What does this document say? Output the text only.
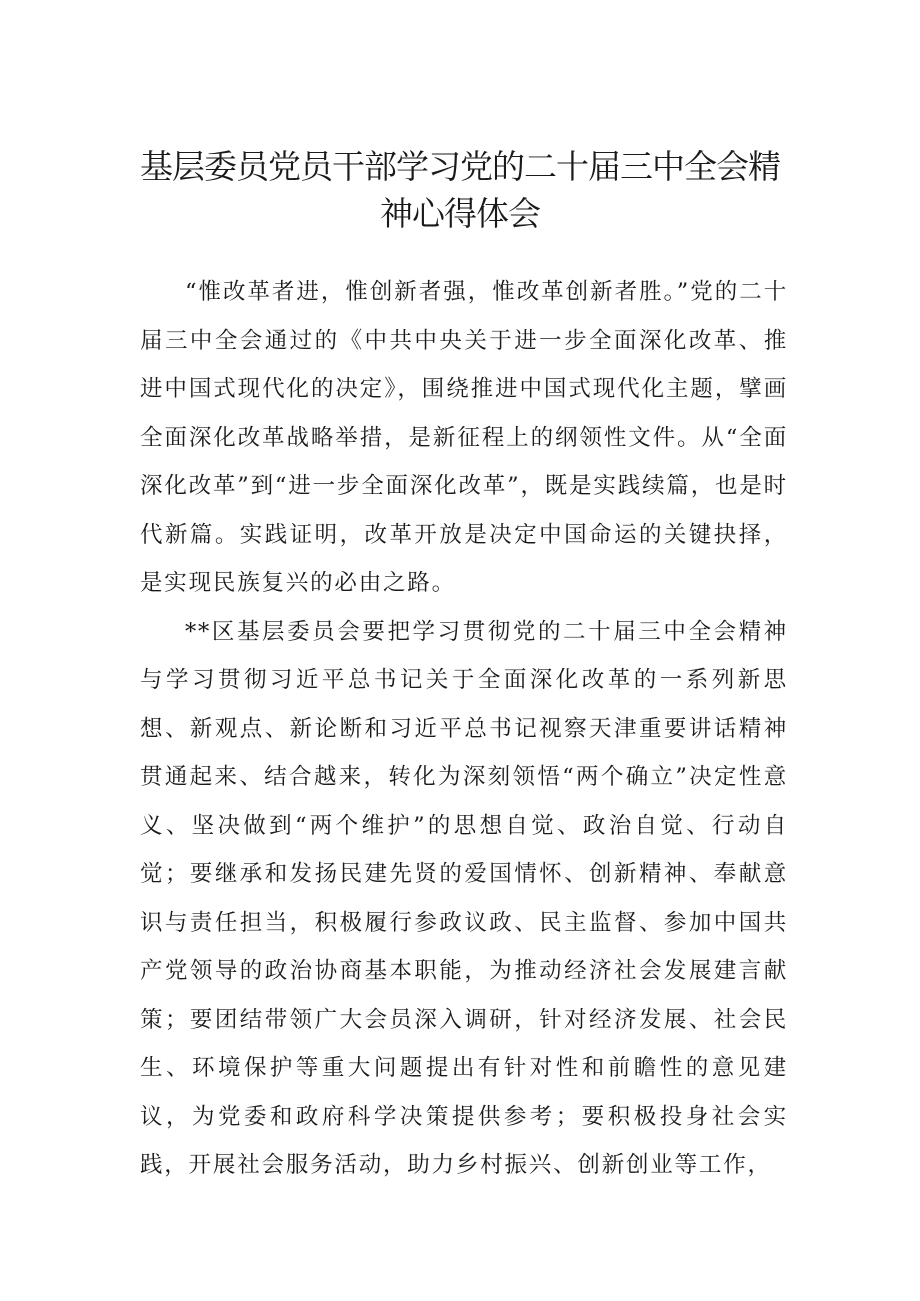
基层委员党员干部学习党的二十届三中全会精
神心得体会

“惟改革者进，惟创新者强，惟改革创新者胜。”党的二十届三中全会通过的《中共中央关于进一步全面深化改革、推进中国式现代化的决定》，围绕推进中国式现代化主题，擘画全面深化改革战略举措，是新征程上的纲领性文件。从“全面深化改革”到“进一步全面深化改革”，既是实践续篇，也是时代新篇。实践证明，改革开放是决定中国命运的关键抉择，是实现民族复兴的必由之路。

**区基层委员会要把学习贯彻党的二十届三中全会精神与学习贯彻习近平总书记关于全面深化改革的一系列新思想、新观点、新论断和习近平总书记视察天津重要讲话精神贯通起来、结合越来，转化为深刻领悟“两个确立”决定性意义、坚决做到“两个维护”的思想自觉、政治自觉、行动自觉；要继承和发扬民建先贤的爱国情怀、创新精神、奉献意识与责任担当，积极履行参政议政、民主监督、参加中国共产党领导的政治协商基本职能，为推动经济社会发展建言献策；要团结带领广大会员深入调研，针对经济发展、社会民生、环境保护等重大问题提出有针对性和前瞻性的意见建议，为党委和政府科学决策提供参考；要积极投身社会实践，开展社会服务活动，助力乡村振兴、创新创业等工作，
